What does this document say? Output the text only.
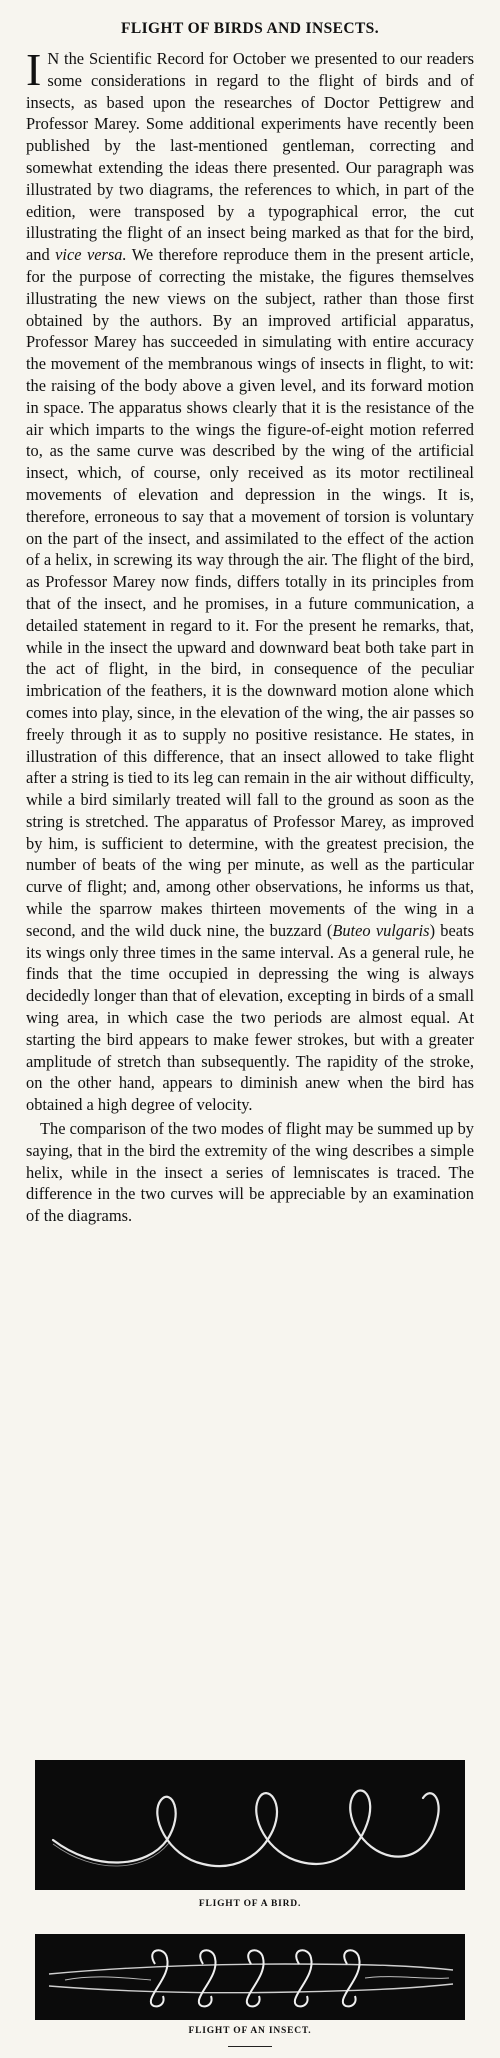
FLIGHT OF BIRDS AND INSECTS.

I N the Scientific Record for October we presented to our readers some considerations in regard to the flight of birds and of insects, as based upon the researches of Doctor Pettigrew and Professor Marey. Some additional experiments have recently been published by the last-mentioned gentleman, correcting and somewhat extending the ideas there presented. Our paragraph was illustrated by two diagrams, the references to which, in part of the edition, were transposed by a typographical error, the cut illustrating the flight of an insect being marked as that for the bird, and vice versa. We therefore reproduce them in the present article, for the purpose of correcting the mistake, the figures themselves illustrating the new views on the subject, rather than those first obtained by the authors. By an improved artificial apparatus, Professor Marey has succeeded in simulating with entire accuracy the movement of the membranous wings of insects in flight, to wit: the raising of the body above a given level, and its forward motion in space. The apparatus shows clearly that it is the resistance of the air which imparts to the wings the figure-of-eight motion referred to, as the same curve was described by the wing of the artificial insect, which, of course, only received as its motor rectilineal movements of elevation and depression in the wings. It is, therefore, erroneous to say that a movement of torsion is voluntary on the part of the insect, and assimilated to the effect of the action of a helix, in screwing its way through the air. The flight of the bird, as Professor Marey now finds, differs totally in its principles from that of the insect, and he promises, in a future communication, a detailed statement in regard to it. For the present he remarks, that, while in the insect the upward and downward beat both take part in the act of flight, in the bird, in consequence of the peculiar imbrication of the feathers, it is the downward motion alone which comes into play, since, in the elevation of the wing, the air passes so freely through it as to supply no positive resistance. He states, in illustration of this difference, that an insect allowed to take flight after a string is tied to its leg can remain in the air without difficulty, while a bird similarly treated will fall to the ground as soon as the string is stretched. The apparatus of Professor Marey, as improved by him, is sufficient to determine, with the greatest precision, the number of beats of the wing per minute, as well as the particular curve of flight; and, among other observations, he informs us that, while the sparrow makes thirteen movements of the wing in a second, and the wild duck nine, the buzzard (Buteo vulgaris) beats its wings only three times in the same interval. As a general rule, he finds that the time occupied in depressing the wing is always decidedly longer than that of elevation, excepting in birds of a small wing area, in which case the two periods are almost equal. At starting the bird appears to make fewer strokes, but with a greater amplitude of stretch than subsequently. The rapidity of the stroke, on the other hand, appears to diminish anew when the bird has obtained a high degree of velocity.

The comparison of the two modes of flight may be summed up by saying, that in the bird the extremity of the wing describes a simple helix, while in the insect a series of lemniscates is traced. The difference in the two curves will be appreciable by an examination of the diagrams.

FLIGHT OF A BIRD.
FLIGHT OF AN INSECT.
